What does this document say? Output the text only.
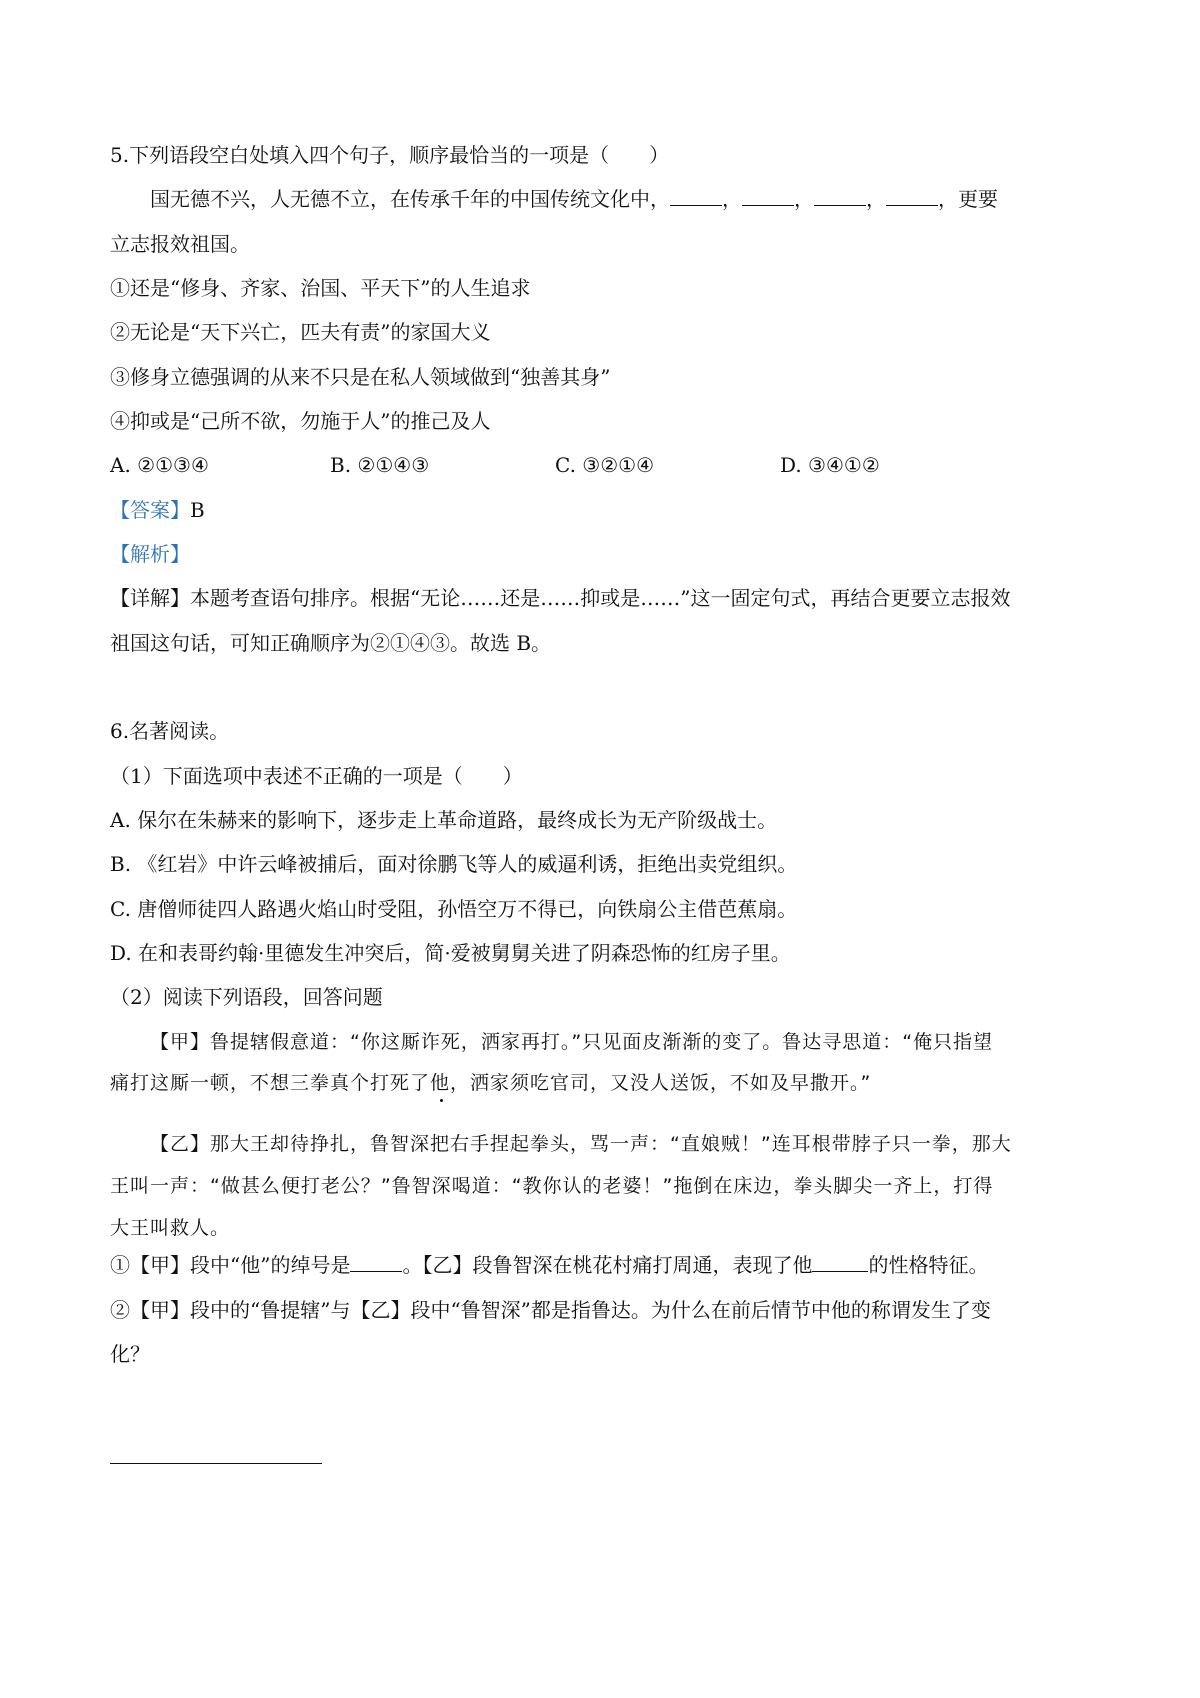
5.下列语段空白处填入四个句子，顺序最恰当的一项是（　　）
国无德不兴，人无德不立，在传承千年的中国传统文化中，	，	，	，	，更要
立志报效祖国。
①还是“修身、齐家、治国、平天下”的人生追求
②无论是“天下兴亡，匹夫有责”的家国大义
③修身立德强调的从来不只是在私人领域做到“独善其身”
④抑或是“己所不欲，勿施于人”的推己及人
A. ②①③④	B. ②①④③	C. ③②①④	D. ③④①②
【答案】B
【解析】
【详解】本题考查语句排序。根据“无论……还是……抑或是……”这一固定句式，再结合更要立志报效
祖国这句话，可知正确顺序为②①④③。故选 B。
6.名著阅读。
（1）下面选项中表述不正确的一项是（　　）
A. 保尔在朱赫来的影响下，逐步走上革命道路，最终成长为无产阶级战士。
B. 《红岩》中许云峰被捕后，面对徐鹏飞等人的威逼利诱，拒绝出卖党组织。
C. 唐僧师徒四人路遇火焰山时受阻，孙悟空万不得已，向铁扇公主借芭蕉扇。
D. 在和表哥约翰·里德发生冲突后，简·爱被舅舅关进了阴森恐怖的红房子里。
（2）阅读下列语段，回答问题
【甲】鲁提辖假意道：“你这厮诈死，洒家再打。”只见面皮渐渐的变了。鲁达寻思道：“俺只指望
痛打这厮一顿，不想三拳真个打死了他，洒家须吃官司，又没人送饭，不如及早撒开。”
【乙】那大王却待挣扎，鲁智深把右手捏起拳头，骂一声：“直娘贼！”连耳根带脖子只一拳，那大
王叫一声：“做甚么便打老公？”鲁智深喝道：“教你认的老婆！”拖倒在床边，拳头脚尖一齐上，打得
大王叫救人。
①【甲】段中“他”的绰号是	。【乙】段鲁智深在桃花村痛打周通，表现了他	的性格特征。
②【甲】段中的“鲁提辖”与【乙】段中“鲁智深”都是指鲁达。为什么在前后情节中他的称谓发生了变
化？
